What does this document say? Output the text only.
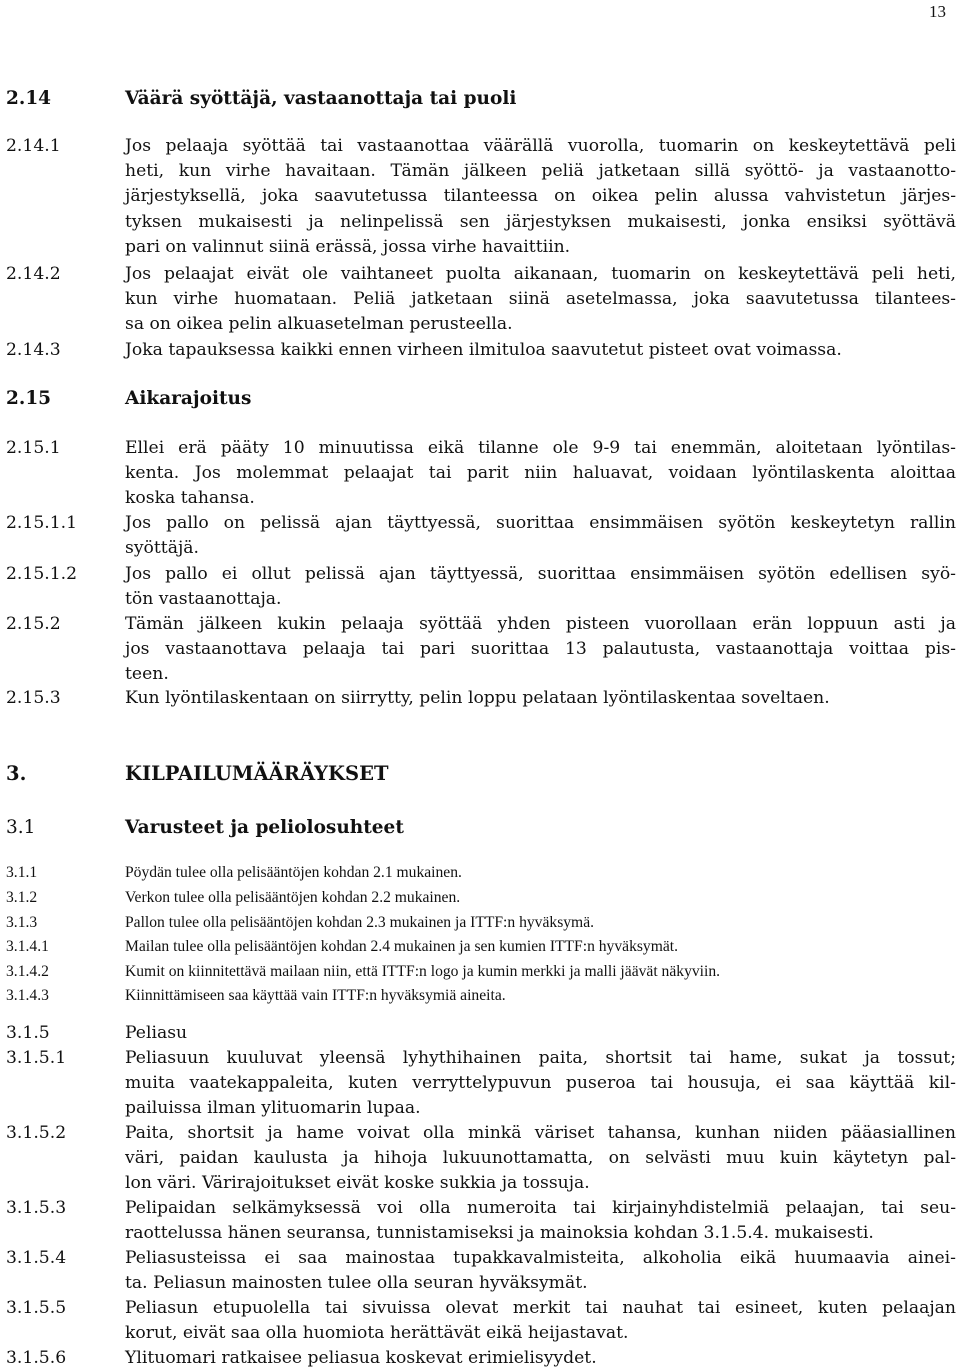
13
2.14	Väärä syöttäjä, vastaanottaja tai puoli
2.14.1	Jos pelaaja syöttää tai vastaanottaa väärällä vuorolla, tuomarin on keskeytettävä peli
heti, kun virhe havaitaan. Tämän jälkeen peliä jatketaan sillä syöttö- ja vastaanotto-
järjestyksellä, joka saavutetussa tilanteessa on oikea pelin alussa vahvistetun järjes-
tyksen mukaisesti ja nelinpelissä sen järjestyksen mukaisesti, jonka ensiksi syöttävä
pari on valinnut siinä erässä, jossa virhe havaittiin.
2.14.2	Jos pelaajat eivät ole vaihtaneet puolta aikanaan, tuomarin on keskeytettävä peli heti,
kun virhe huomataan. Peliä jatketaan siinä asetelmassa, joka saavutetussa tilantees-
sa on oikea pelin alkuasetelman perusteella.
2.14.3	Joka tapauksessa kaikki ennen virheen ilmituloa saavutetut pisteet ovat voimassa.
2.15	Aikarajoitus
2.15.1	Ellei erä pääty 10 minuutissa eikä tilanne ole 9-9 tai enemmän, aloitetaan lyöntilas-
kenta. Jos molemmat pelaajat tai parit niin haluavat, voidaan lyöntilaskenta aloittaa
koska tahansa.
2.15.1.1	Jos pallo on pelissä ajan täyttyessä, suorittaa ensimmäisen syötön keskeytetyn rallin
syöttäjä.
2.15.1.2	Jos pallo ei ollut pelissä ajan täyttyessä, suorittaa ensimmäisen syötön edellisen syö-
tön vastaanottaja.
2.15.2	Tämän jälkeen kukin pelaaja syöttää yhden pisteen vuorollaan erän loppuun asti ja
jos vastaanottava pelaaja tai pari suorittaa 13 palautusta, vastaanottaja voittaa pis-
teen.
2.15.3	Kun lyöntilaskentaan on siirrytty, pelin loppu pelataan lyöntilaskentaa soveltaen.
3.	KILPAILUMÄÄRÄYKSET
3.1	Varusteet ja peliolosuhteet
3.1.1	Pöydän tulee olla pelisääntöjen kohdan 2.1 mukainen.
3.1.2	Verkon tulee olla pelisääntöjen kohdan 2.2 mukainen.
3.1.3	Pallon tulee olla pelisääntöjen kohdan 2.3 mukainen ja ITTF:n hyväksymä.
3.1.4.1	Mailan tulee olla pelisääntöjen kohdan 2.4 mukainen ja sen kumien ITTF:n hyväksymät.
3.1.4.2	Kumit on kiinnitettävä mailaan niin, että ITTF:n logo ja kumin merkki ja malli jäävät näkyviin.
3.1.4.3	Kiinnittämiseen saa käyttää vain ITTF:n hyväksymiä aineita.
3.1.5	Peliasu
3.1.5.1	Peliasuun kuuluvat yleensä lyhythihainen paita, shortsit tai hame, sukat ja tossut;
muita vaatekappaleita, kuten verryttelypuvun puseroa tai housuja, ei saa käyttää kil-
pailuissa ilman ylituomarin lupaa.
3.1.5.2	Paita, shortsit ja hame voivat olla minkä väriset tahansa, kunhan niiden pääasiallinen
väri, paidan kaulusta ja hihoja lukuunottamatta, on selvästi muu kuin käytetyn pal-
lon väri. Värirajoitukset eivät koske sukkia ja tossuja.
3.1.5.3	Pelipaidan selkämyksessä voi olla numeroita tai kirjainyhdistelmiä pelaajan, tai seu-
raottelussa hänen seuransa, tunnistamiseksi ja mainoksia kohdan 3.1.5.4. mukaisesti.
3.1.5.4	Peliasusteissa ei saa mainostaa tupakkavalmisteita, alkoholia eikä huumaavia ainei-
ta. Peliasun mainosten tulee olla seuran hyväksymät.
3.1.5.5	Peliasun etupuolella tai sivuissa olevat merkit tai nauhat tai esineet, kuten pelaajan
korut, eivät saa olla huomiota herättävät eikä heijastavat.
3.1.5.6	Ylituomari ratkaisee peliasua koskevat erimielisyydet.
